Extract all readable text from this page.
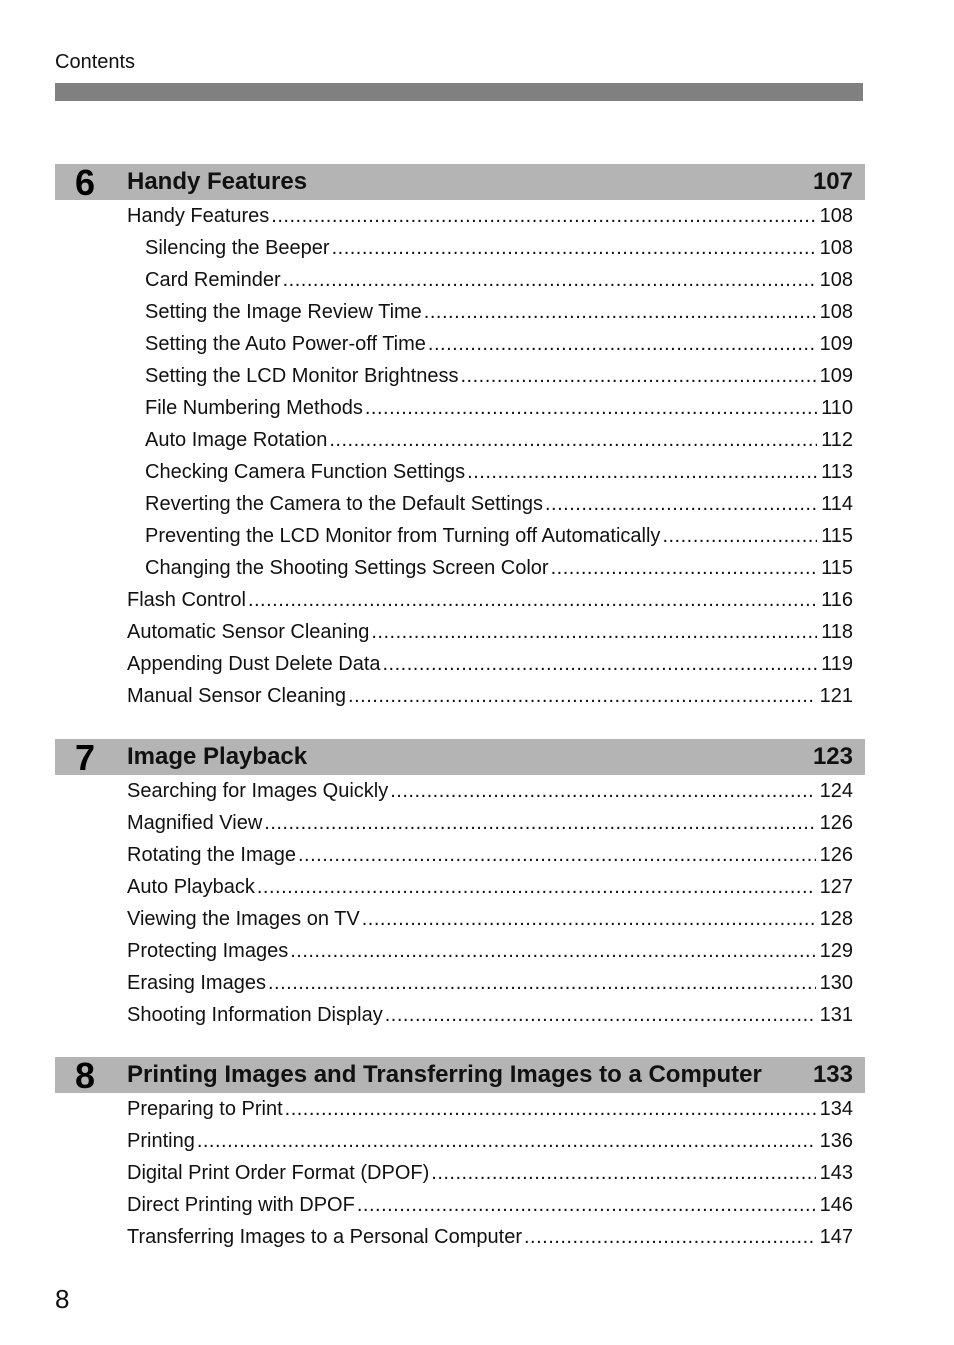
Contents
6	Handy Features	107
Handy Features .....	108
Silencing the Beeper .....	108
Card Reminder .....	108
Setting the Image Review Time .....	108
Setting the Auto Power-off Time .....	109
Setting the LCD Monitor Brightness .....	109
File Numbering Methods .....	110
Auto Image Rotation .....	112
Checking Camera Function Settings .....	113
Reverting the Camera to the Default Settings .....	114
Preventing the LCD Monitor from Turning off Automatically .....	115
Changing the Shooting Settings Screen Color .....	115
Flash Control .....	116
Automatic Sensor Cleaning .....	118
Appending Dust Delete Data .....	119
Manual Sensor Cleaning .....	121
7	Image Playback	123
Searching for Images Quickly .....	124
Magnified View .....	126
Rotating the Image .....	126
Auto Playback .....	127
Viewing the Images on TV .....	128
Protecting Images .....	129
Erasing Images .....	130
Shooting Information Display .....	131
8	Printing Images and Transferring Images to a Computer 133
Preparing to Print .....	134
Printing .....	136
Digital Print Order Format (DPOF) .....	143
Direct Printing with DPOF .....	146
Transferring Images to a Personal Computer .....	147
8
